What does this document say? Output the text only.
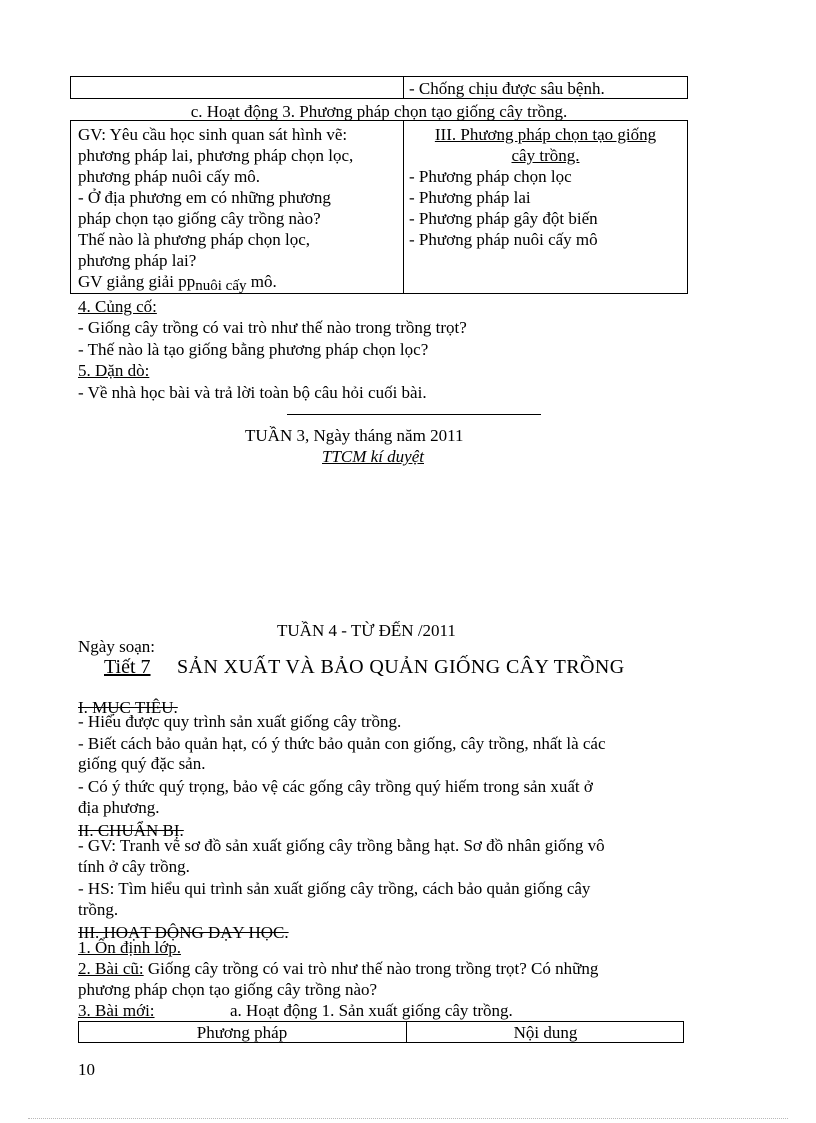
- Chống chịu được sâu bệnh.
c. Hoạt động 3. Phương pháp chọn tạo giống cây trồng.
GV: Yêu cầu học sinh quan sát hình vẽ:
phương pháp lai, phương pháp chọn lọc,
phương pháp nuôi cấy mô.
- Ở địa phương em có những phương
pháp chọn tạo giống cây trồng nào?
Thế nào là phương pháp chọn lọc,
phương pháp lai?
GV giảng giải ppnuôi cấy mô.
III. Phương pháp chọn tạo giống
cây trồng.
- Phương pháp chọn lọc
- Phương pháp lai
- Phương pháp gây đột biến
- Phương pháp nuôi cấy mô
4. Củng cố:
- Giống cây trồng có vai trò như thế nào trong trồng trọt?
- Thế nào là tạo giống bằng phương pháp chọn lọc?
5. Dặn dò:
- Về nhà học bài và trả lời toàn bộ câu hỏi cuối bài.
TUẦN 3, Ngày tháng năm 2011
TTCM kí duyệt
TUẦN 4 - TỪ ĐẾN /2011
Ngày soạn:
Tiết 7 SẢN XUẤT VÀ BẢO QUẢN GIỐNG CÂY TRỒNG
I. MỤC TIÊU.
- Hiểu được quy trình sản xuất giống cây trồng.
- Biết cách bảo quản hạt, có ý thức bảo quản con giống, cây trồng, nhất là các
giống quý đặc sản.
- Có ý thức quý trọng, bảo vệ các gống cây trồng quý hiếm trong sản xuất ở
địa phương.
II. CHUẨN BỊ.
- GV: Tranh vẽ sơ đồ sản xuất giống cây trồng bằng hạt. Sơ đồ nhân giống vô
tính ở cây trồng.
- HS: Tìm hiểu qui trình sản xuất giống cây trồng, cách bảo quản giống cây
trồng.
III. HOẠT ĐỘNG DẠY HỌC.
1. Ổn định lớp.
2. Bài cũ: Giống cây trồng có vai trò như thế nào trong trồng trọt? Có những
phương pháp chọn tạo giống cây trồng nào?
3. Bài mới:	a. Hoạt động 1. Sản xuất giống cây trồng.
Phương pháp	Nội dung
10
